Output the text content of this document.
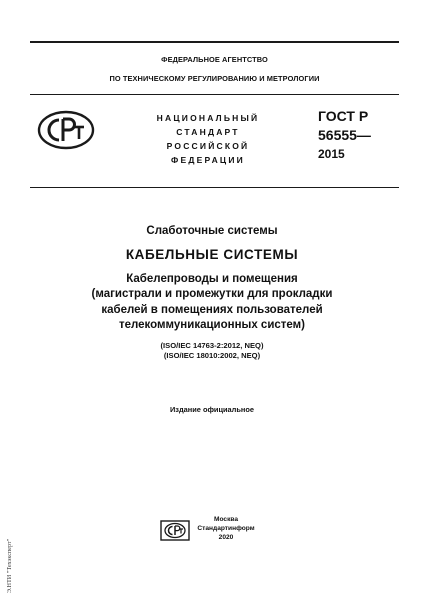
ФЕДЕРАЛЬНОЕ АГЕНТСТВО
ПО ТЕХНИЧЕСКОМУ РЕГУЛИРОВАНИЮ И МЕТРОЛОГИИ
НАЦИОНАЛЬНЫЙ
СТАНДАРТ
РОССИЙСКОЙ
ФЕДЕРАЦИИ
ГОСТ Р
56555—
2015
Слаботочные системы
КАБЕЛЬНЫЕ СИСТЕМЫ
Кабелепроводы и помещения
(магистрали и промежутки для прокладки
кабелей в помещениях пользователей
телекоммуникационных систем)
(ISO/IEC 14763-2:2012, NEQ)
(ISO/IEC 18010:2002, NEQ)
Издание официальное
Москва
Стандартинформ
2020
Э.НТИ "Техэксперт"
